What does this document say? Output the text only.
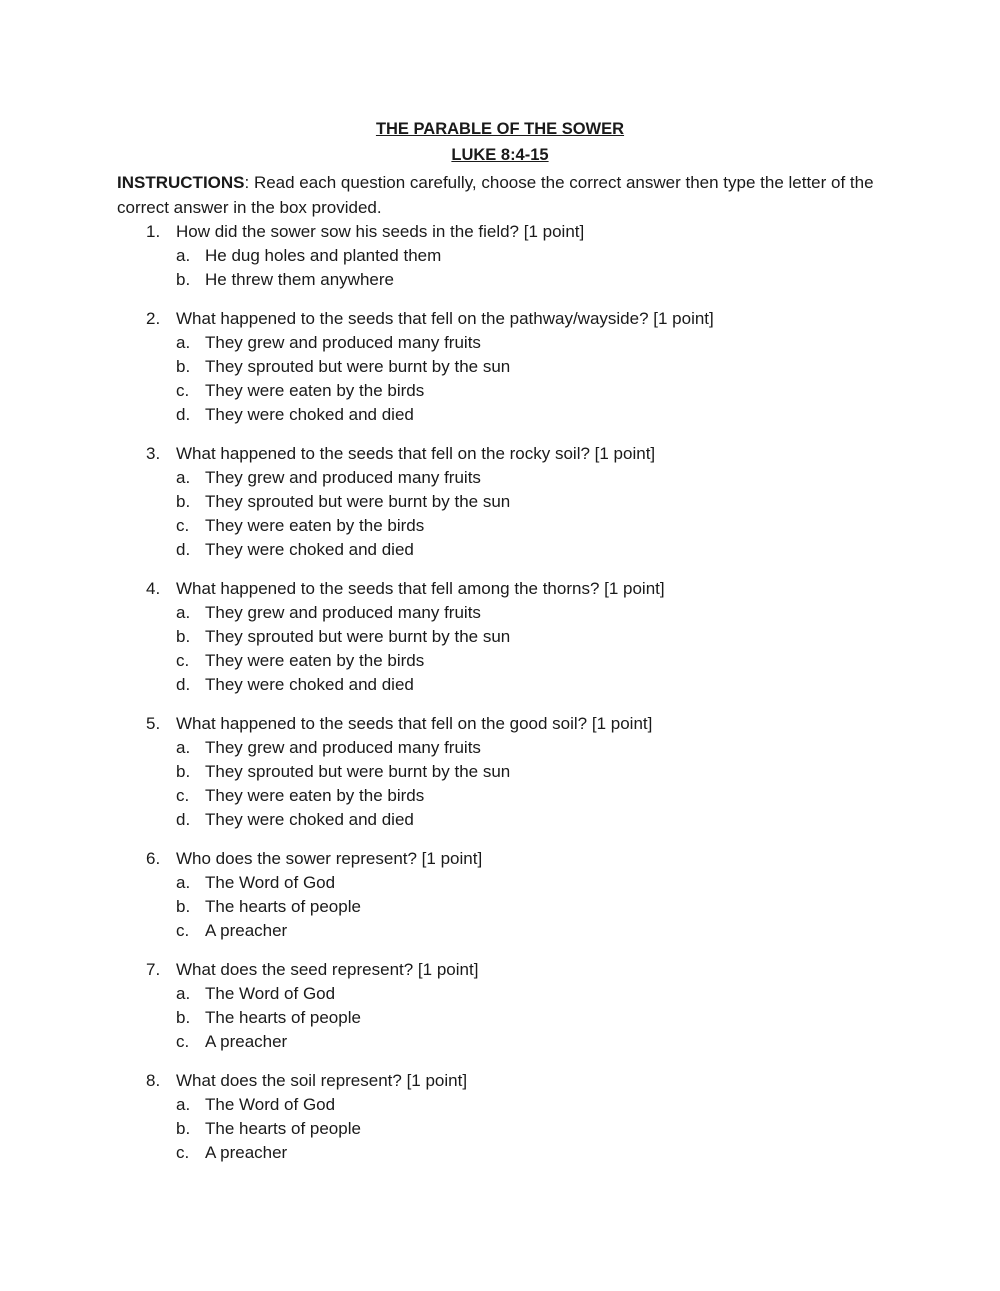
THE PARABLE OF THE SOWER
LUKE 8:4-15
INSTRUCTIONS: Read each question carefully, choose the correct answer then type the letter of the correct answer in the box provided.
1. How did the sower sow his seeds in the field? [1 point]
a. He dug holes and planted them
b. He threw them anywhere
2. What happened to the seeds that fell on the pathway/wayside? [1 point]
a. They grew and produced many fruits
b. They sprouted but were burnt by the sun
c. They were eaten by the birds
d. They were choked and died
3. What happened to the seeds that fell on the rocky soil? [1 point]
a. They grew and produced many fruits
b. They sprouted but were burnt by the sun
c. They were eaten by the birds
d. They were choked and died
4. What happened to the seeds that fell among the thorns? [1 point]
a. They grew and produced many fruits
b. They sprouted but were burnt by the sun
c. They were eaten by the birds
d. They were choked and died
5. What happened to the seeds that fell on the good soil? [1 point]
a. They grew and produced many fruits
b. They sprouted but were burnt by the sun
c. They were eaten by the birds
d. They were choked and died
6. Who does the sower represent? [1 point]
a. The Word of God
b. The hearts of people
c. A preacher
7. What does the seed represent? [1 point]
a. The Word of God
b. The hearts of people
c. A preacher
8. What does the soil represent? [1 point]
a. The Word of God
b. The hearts of people
c. A preacher
